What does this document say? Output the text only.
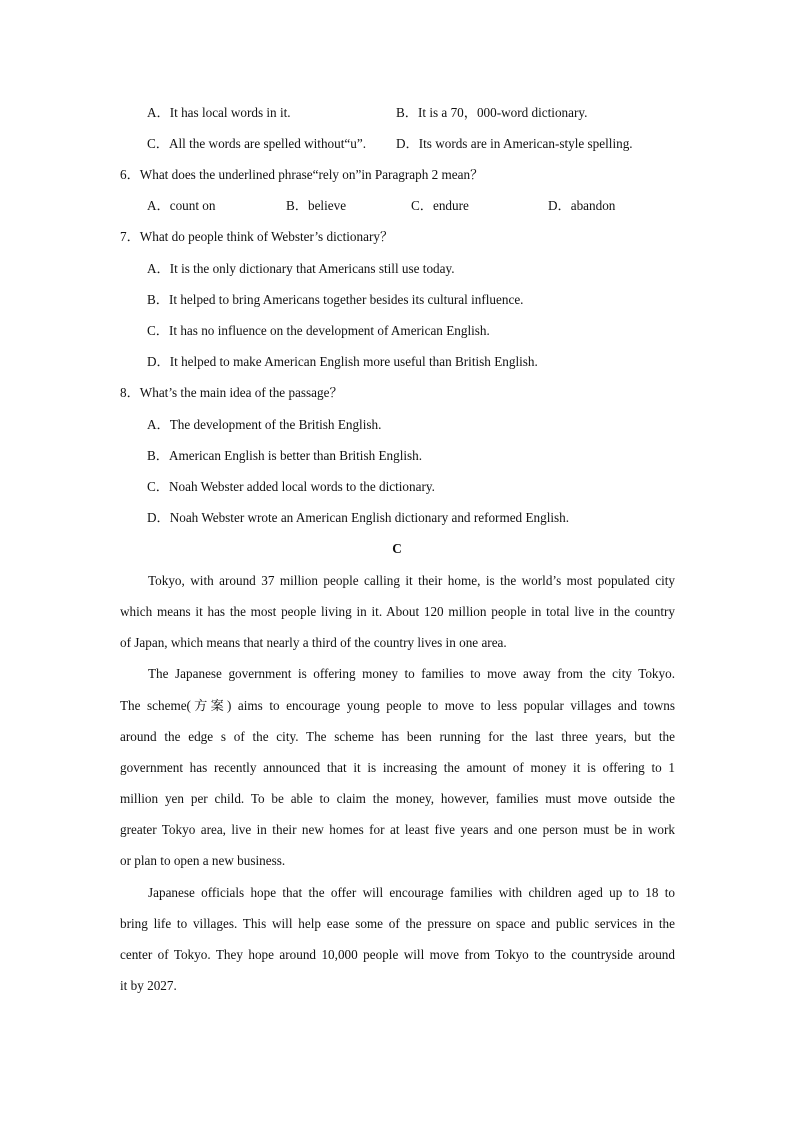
A．It has local words in it.	B．It is a 70，000-word dictionary.
C．All the words are spelled without“u”. D．Its words are in American-style spelling.
6．What does the underlined phrase“rely on”in Paragraph 2 mean？
A．count on	B．believe	C．endure	D．abandon
7．What do people think of Webster’s dictionary？
A．It is the only dictionary that Americans still use today.
B．It helped to bring Americans together besides its cultural influence.
C．It has no influence on the development of American English.
D．It helped to make American English more useful than British English.
8．What’s the main idea of the passage？
A．The development of the British English.
B．American English is better than British English.
C．Noah Webster added local words to the dictionary.
D．Noah Webster wrote an American English dictionary and reformed English.
C
Tokyo, with around 37 million people calling it their home, is the world’s most populated city
which means it has the most people living in it. About 120 million people in total live in the country
of Japan, which means that nearly a third of the country lives in one area.
The Japanese government is offering money to families to move away from the city Tokyo.
The scheme(方案) aims to encourage young people to move to less popular villages and towns
around the edge s of the city. The scheme has been running for the last three years, but the
government has recently announced that it is increasing the amount of money it is offering to 1
million yen per child. To be able to claim the money, however, families must move outside the
greater Tokyo area, live in their new homes for at least five years and one person must be in work
or plan to open a new business.
Japanese officials hope that the offer will encourage families with children aged up to 18 to
bring life to villages. This will help ease some of the pressure on space and public services in the
center of Tokyo. They hope around 10,000 people will move from Tokyo to the countryside around
it by 2027.
